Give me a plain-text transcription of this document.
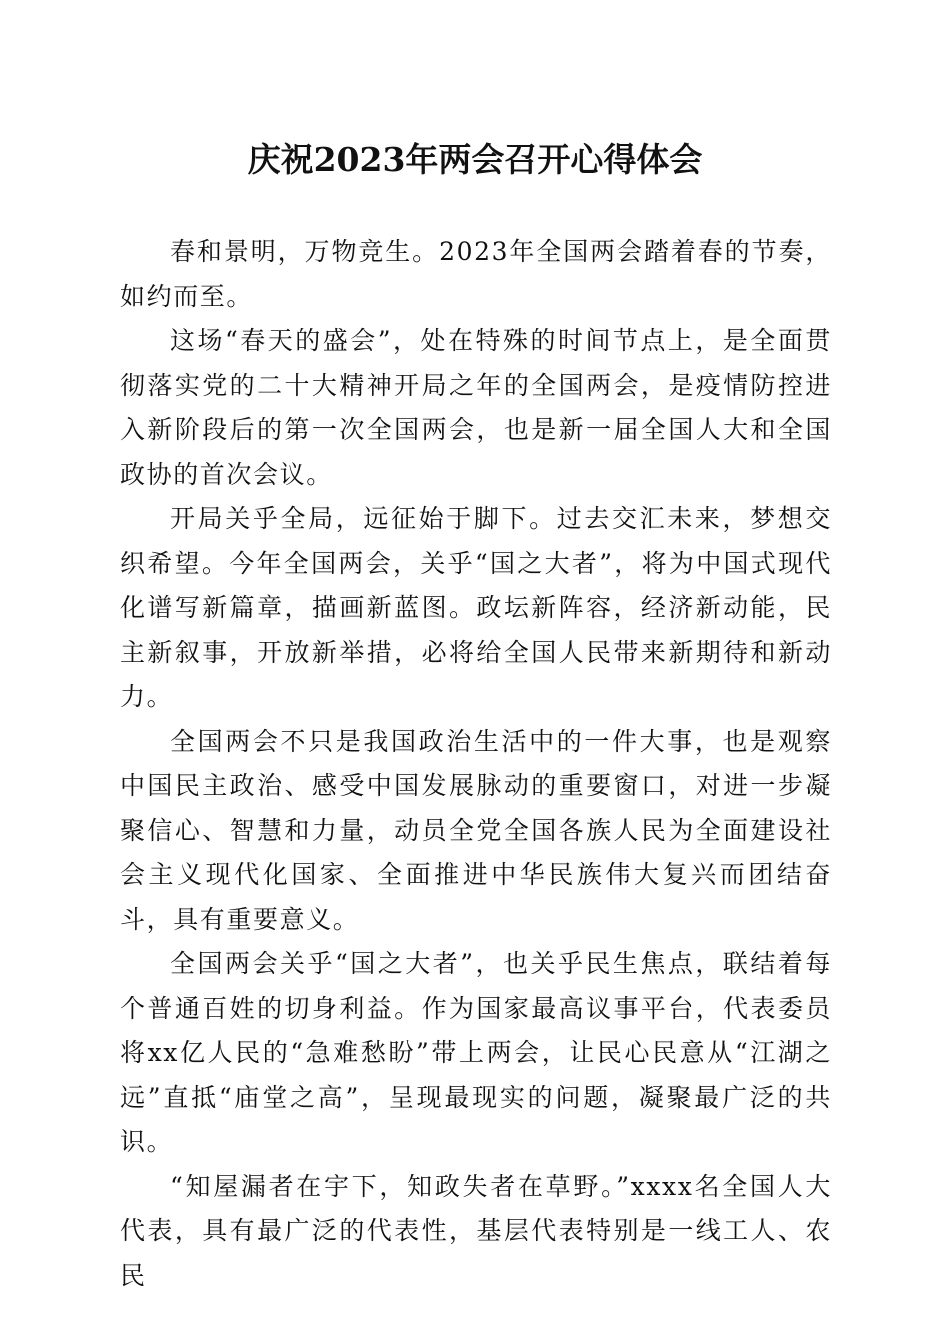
庆祝2023年两会召开心得体会

春和景明，万物竞生。2023年全国两会踏着春的节奏，如约而至。

这场“春天的盛会”，处在特殊的时间节点上，是全面贯彻落实党的二十大精神开局之年的全国两会，是疫情防控进入新阶段后的第一次全国两会，也是新一届全国人大和全国政协的首次会议。

开局关乎全局，远征始于脚下。过去交汇未来，梦想交织希望。今年全国两会，关乎“国之大者”，将为中国式现代化谱写新篇章，描画新蓝图。政坛新阵容，经济新动能，民主新叙事，开放新举措，必将给全国人民带来新期待和新动力。

全国两会不只是我国政治生活中的一件大事，也是观察中国民主政治、感受中国发展脉动的重要窗口，对进一步凝聚信心、智慧和力量，动员全党全国各族人民为全面建设社会主义现代化国家、全面推进中华民族伟大复兴而团结奋斗，具有重要意义。

全国两会关乎“国之大者”，也关乎民生焦点，联结着每个普通百姓的切身利益。作为国家最高议事平台，代表委员将xx亿人民的“急难愁盼”带上两会，让民心民意从“江湖之远”直抵“庙堂之高”，呈现最现实的问题，凝聚最广泛的共识。

“知屋漏者在宇下，知政失者在草野。”xxxx名全国人大代表，具有最广泛的代表性，基层代表特别是一线工人、农民
